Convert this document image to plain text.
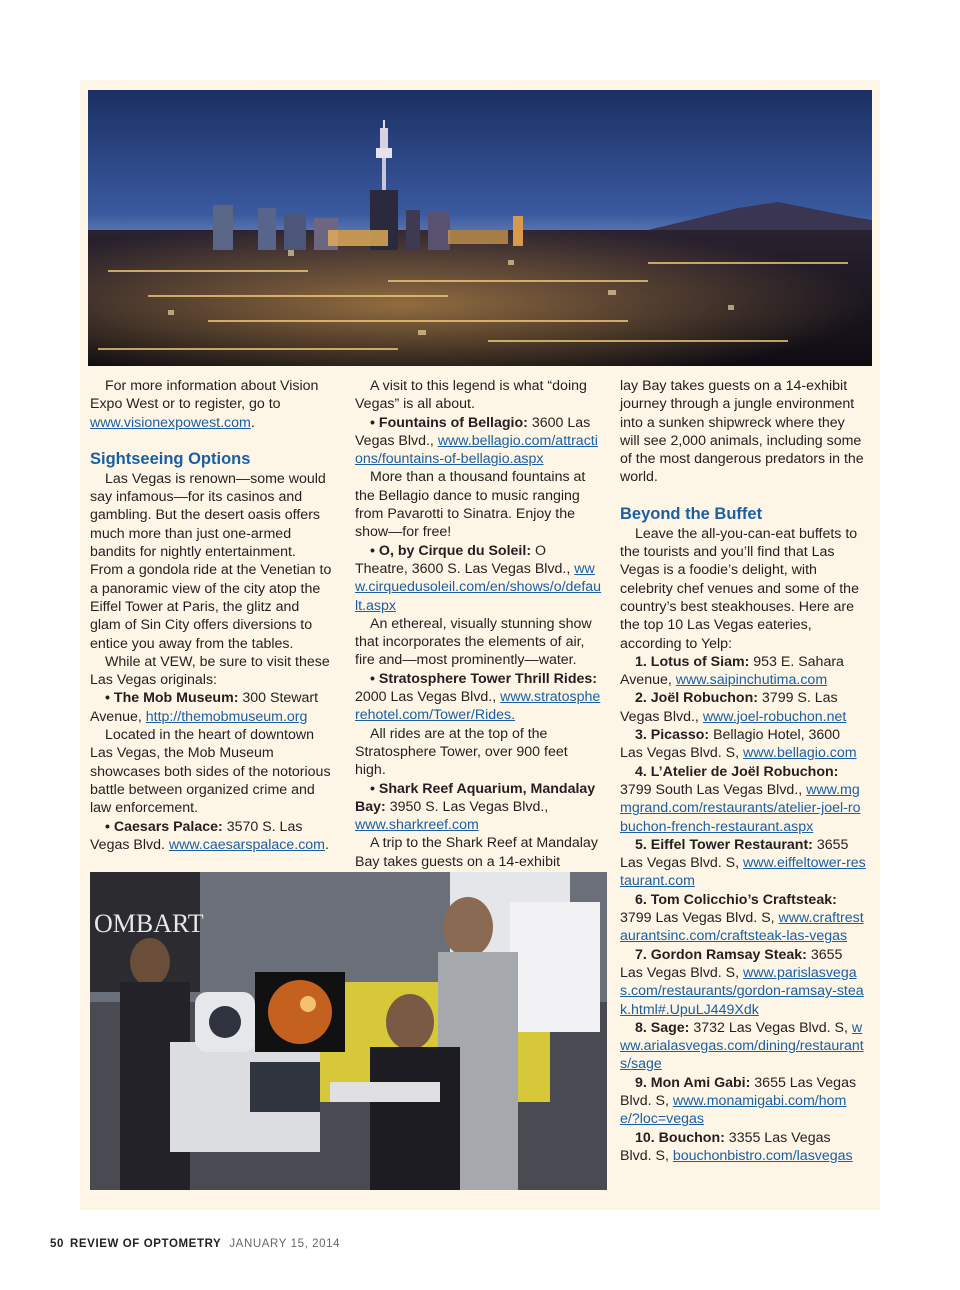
For more information about Vision Expo West or to register, go to www.visionexpowest.com.

Sightseeing Options

Las Vegas is renown—some would say infamous—for its casinos and gambling. But the desert oasis offers much more than just one-armed bandits for nightly entertainment. From a gondola ride at the Venetian to a panoramic view of the city atop the Eiffel Tower at Paris, the glitz and glam of Sin City offers diversions to entice you away from the tables.

While at VEW, be sure to visit these Las Vegas originals:

• The Mob Museum: 300 Stewart Avenue, http://themobmuseum.org

Located in the heart of downtown Las Vegas, the Mob Museum showcases both sides of the notorious battle between organized crime and law enforcement.

• Caesars Palace: 3570 S. Las Vegas Blvd. www.caesarspalace.com.

A visit to this legend is what “doing Vegas” is all about.

• Fountains of Bellagio: 3600 Las Vegas Blvd., www.bellagio.com/attractions/fountains-of-bellagio.aspx

More than a thousand fountains at the Bellagio dance to music ranging from Pavarotti to Sinatra. Enjoy the show—for free!

• O, by Cirque du Soleil: O Theatre, 3600 S. Las Vegas Blvd., www.cirquedusoleil.com/en/shows/o/default.aspx

An ethereal, visually stunning show that incorporates the elements of air, fire and—most prominently—water.

• Stratosphere Tower Thrill Rides: 2000 Las Vegas Blvd., www.stratospherehotel.com/Tower/Rides.

All rides are at the top of the Stratosphere Tower, over 900 feet high.

• Shark Reef Aquarium, Mandalay Bay: 3950 S. Las Vegas Blvd., www.sharkreef.com

A trip to the Shark Reef at Mandalay Bay takes guests on a 14-exhibit

OMBART

lay Bay takes guests on a 14-exhibit journey through a jungle environment into a sunken shipwreck where they will see 2,000 animals, including some of the most dangerous predators in the world.

Beyond the Buffet

Leave the all-you-can-eat buffets to the tourists and you’ll find that Las Vegas is a foodie’s delight, with celebrity chef venues and some of the country’s best steakhouses. Here are the top 10 Las Vegas eateries, according to Yelp:

1. Lotus of Siam: 953 E. Sahara Avenue, www.saipinchutima.com

2. Joël Robuchon: 3799 S. Las Vegas Blvd., www.joel-robuchon.net

3. Picasso: Bellagio Hotel, 3600 Las Vegas Blvd. S, www.bellagio.com

4. L’Atelier de Joël Robuchon: 3799 South Las Vegas Blvd., www.mgmgrand.com/restaurants/atelier-joel-robuchon-french-restaurant.aspx

5. Eiffel Tower Restaurant: 3655 Las Vegas Blvd. S, www.eiffeltower-restaurant.com

6. Tom Colicchio’s Craftsteak: 3799 Las Vegas Blvd. S, www.craftrestaurantsinc.com/craftsteak-las-vegas

7. Gordon Ramsay Steak: 3655 Las Vegas Blvd. S, www.parislasvegas.com/restaurants/gordon-ramsay-steak.html#.UpuLJ449Xdk

8. Sage: 3732 Las Vegas Blvd. S, www.arialasvegas.com/dining/restaurants/sage

9. Mon Ami Gabi: 3655 Las Vegas Blvd. S, www.monamigabi.com/home/?loc=vegas

10. Bouchon: 3355 Las Vegas Blvd. S, bouchonbistro.com/lasvegas

50 REVIEW OF OPTOMETRY JANUARY 15, 2014
